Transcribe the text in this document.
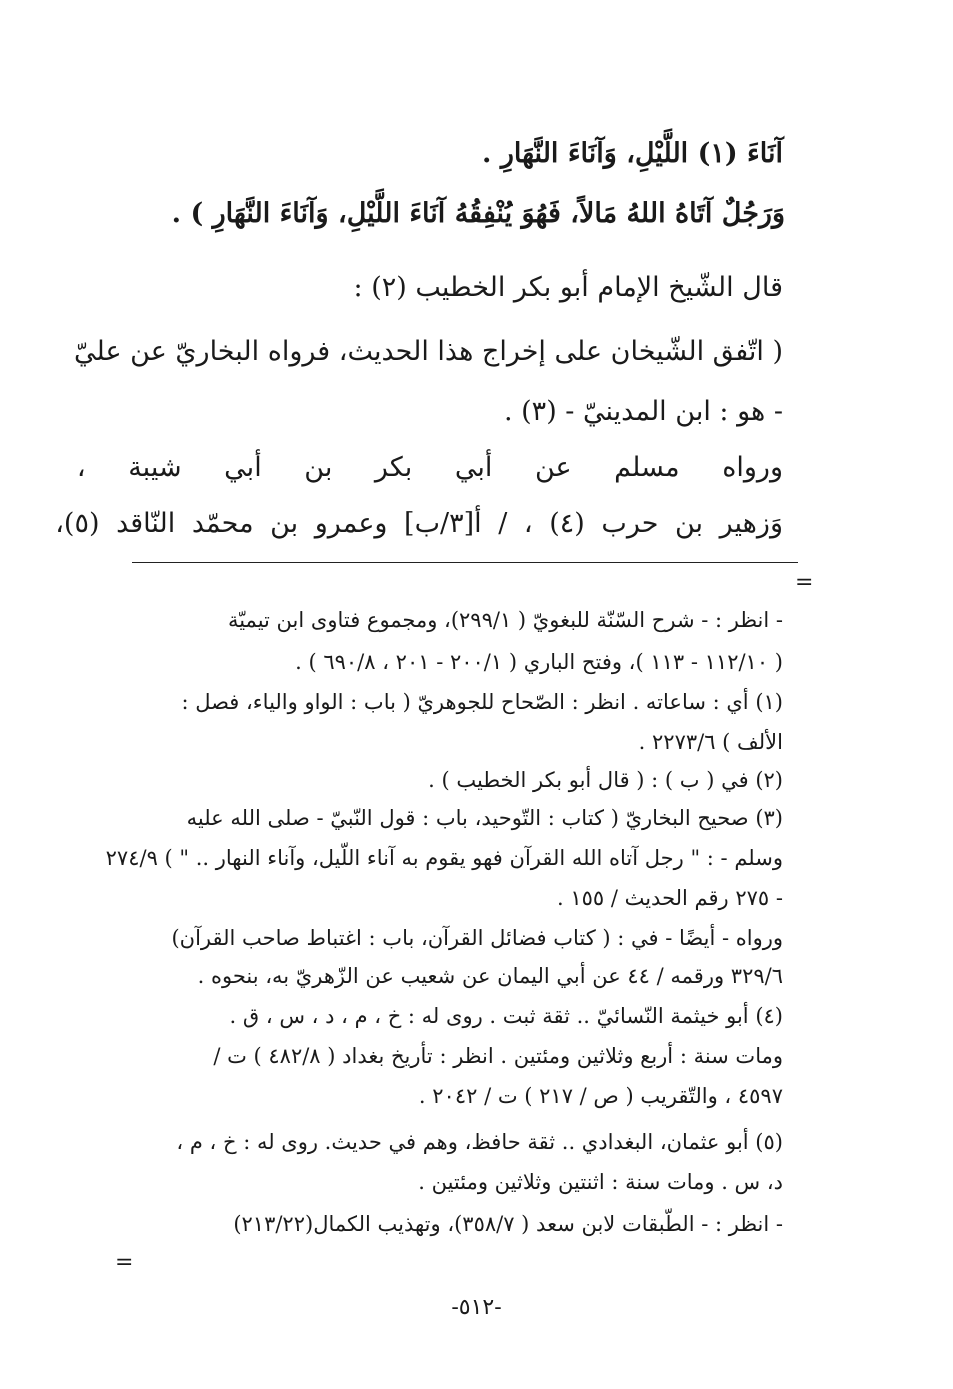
آنَاءَ (١) اللَّيْلِ، وَآنَاءَ النَّهَارِ .
وَرَجُلٌ آتَاهُ اللهُ مَالاً، فَهُوَ يُنْفِقُهُ آنَاءَ اللَّيْلِ، وَآنَاءَ النَّهَارِ ) .
قال الشّيخ الإمام أبو بكر الخطيب (٢) :
( اتّفق الشّيخان على إخراج هذا الحديث، فرواه البخاريّ عن عليّ
- هو : ابن المدينيّ - (٣) .
ورواه مسلم عن أبي بكر بن أبي شيبة ،
وَزهير بن حرب (٤) ، / أ[٣/ب] وعمرو بن محمّد النّاقد (٥)،
=
- انظر : - شرح السّنّة للبغويّ ( ٢٩٩/١)، ومجموع فتاوى ابن تيميّة
( ١١٢/١٠ - ١١٣ )، وفتح الباري ( ٢٠٠/١ - ٢٠١ ، ٦٩٠/٨ ) .
(١) أي : ساعاته . انظر : الصّحاح للجوهريّ ( باب : الواو والياء، فصل :
الألف ) ٢٢٧٣/٦ .
(٢) في ( ب ) : ( قال أبو بكر الخطيب ) .
(٣) صحيح البخاريّ ( كتاب : التّوحيد، باب : قول النّبيّ - صلى الله عليه
وسلم - : " رجل آتاه الله القرآن فهو يقوم به آناء اللّيل، وآناء النهار .. " ) ٢٧٤/٩
- ٢٧٥ رقم الحديث / ١٥٥ .
ورواه - أيضًا - في : ( كتاب فضائل القرآن، باب : اغتباط صاحب القرآن)
٣٢٩/٦ ورقمه / ٤٤ عن أبي اليمان عن شعيب عن الزّهريّ به، بنحوه .
(٤) أبو خيثمة النّسائيّ .. ثقة ثبت . روى له : خ ، م ، د ، س ، ق .
ومات سنة : أربع وثلاثين ومئتين . انظر : تأريخ بغداد ( ٤٨٢/٨ ) ت /
٤٥٩٧ ، والتّقريب ( ص / ٢١٧ ) ت / ٢٠٤٢ .
(٥) أبو عثمان، البغدادي .. ثقة حافظ، وهم في حديث. روى له : خ ، م ،
د، س . ومات سنة : اثنتين وثلاثين ومئتين .
- انظر : - الطّبقات لابن سعد ( ٣٥٨/٧)، وتهذيب الكمال(٢١٣/٢٢)
=
-٥١٢-
